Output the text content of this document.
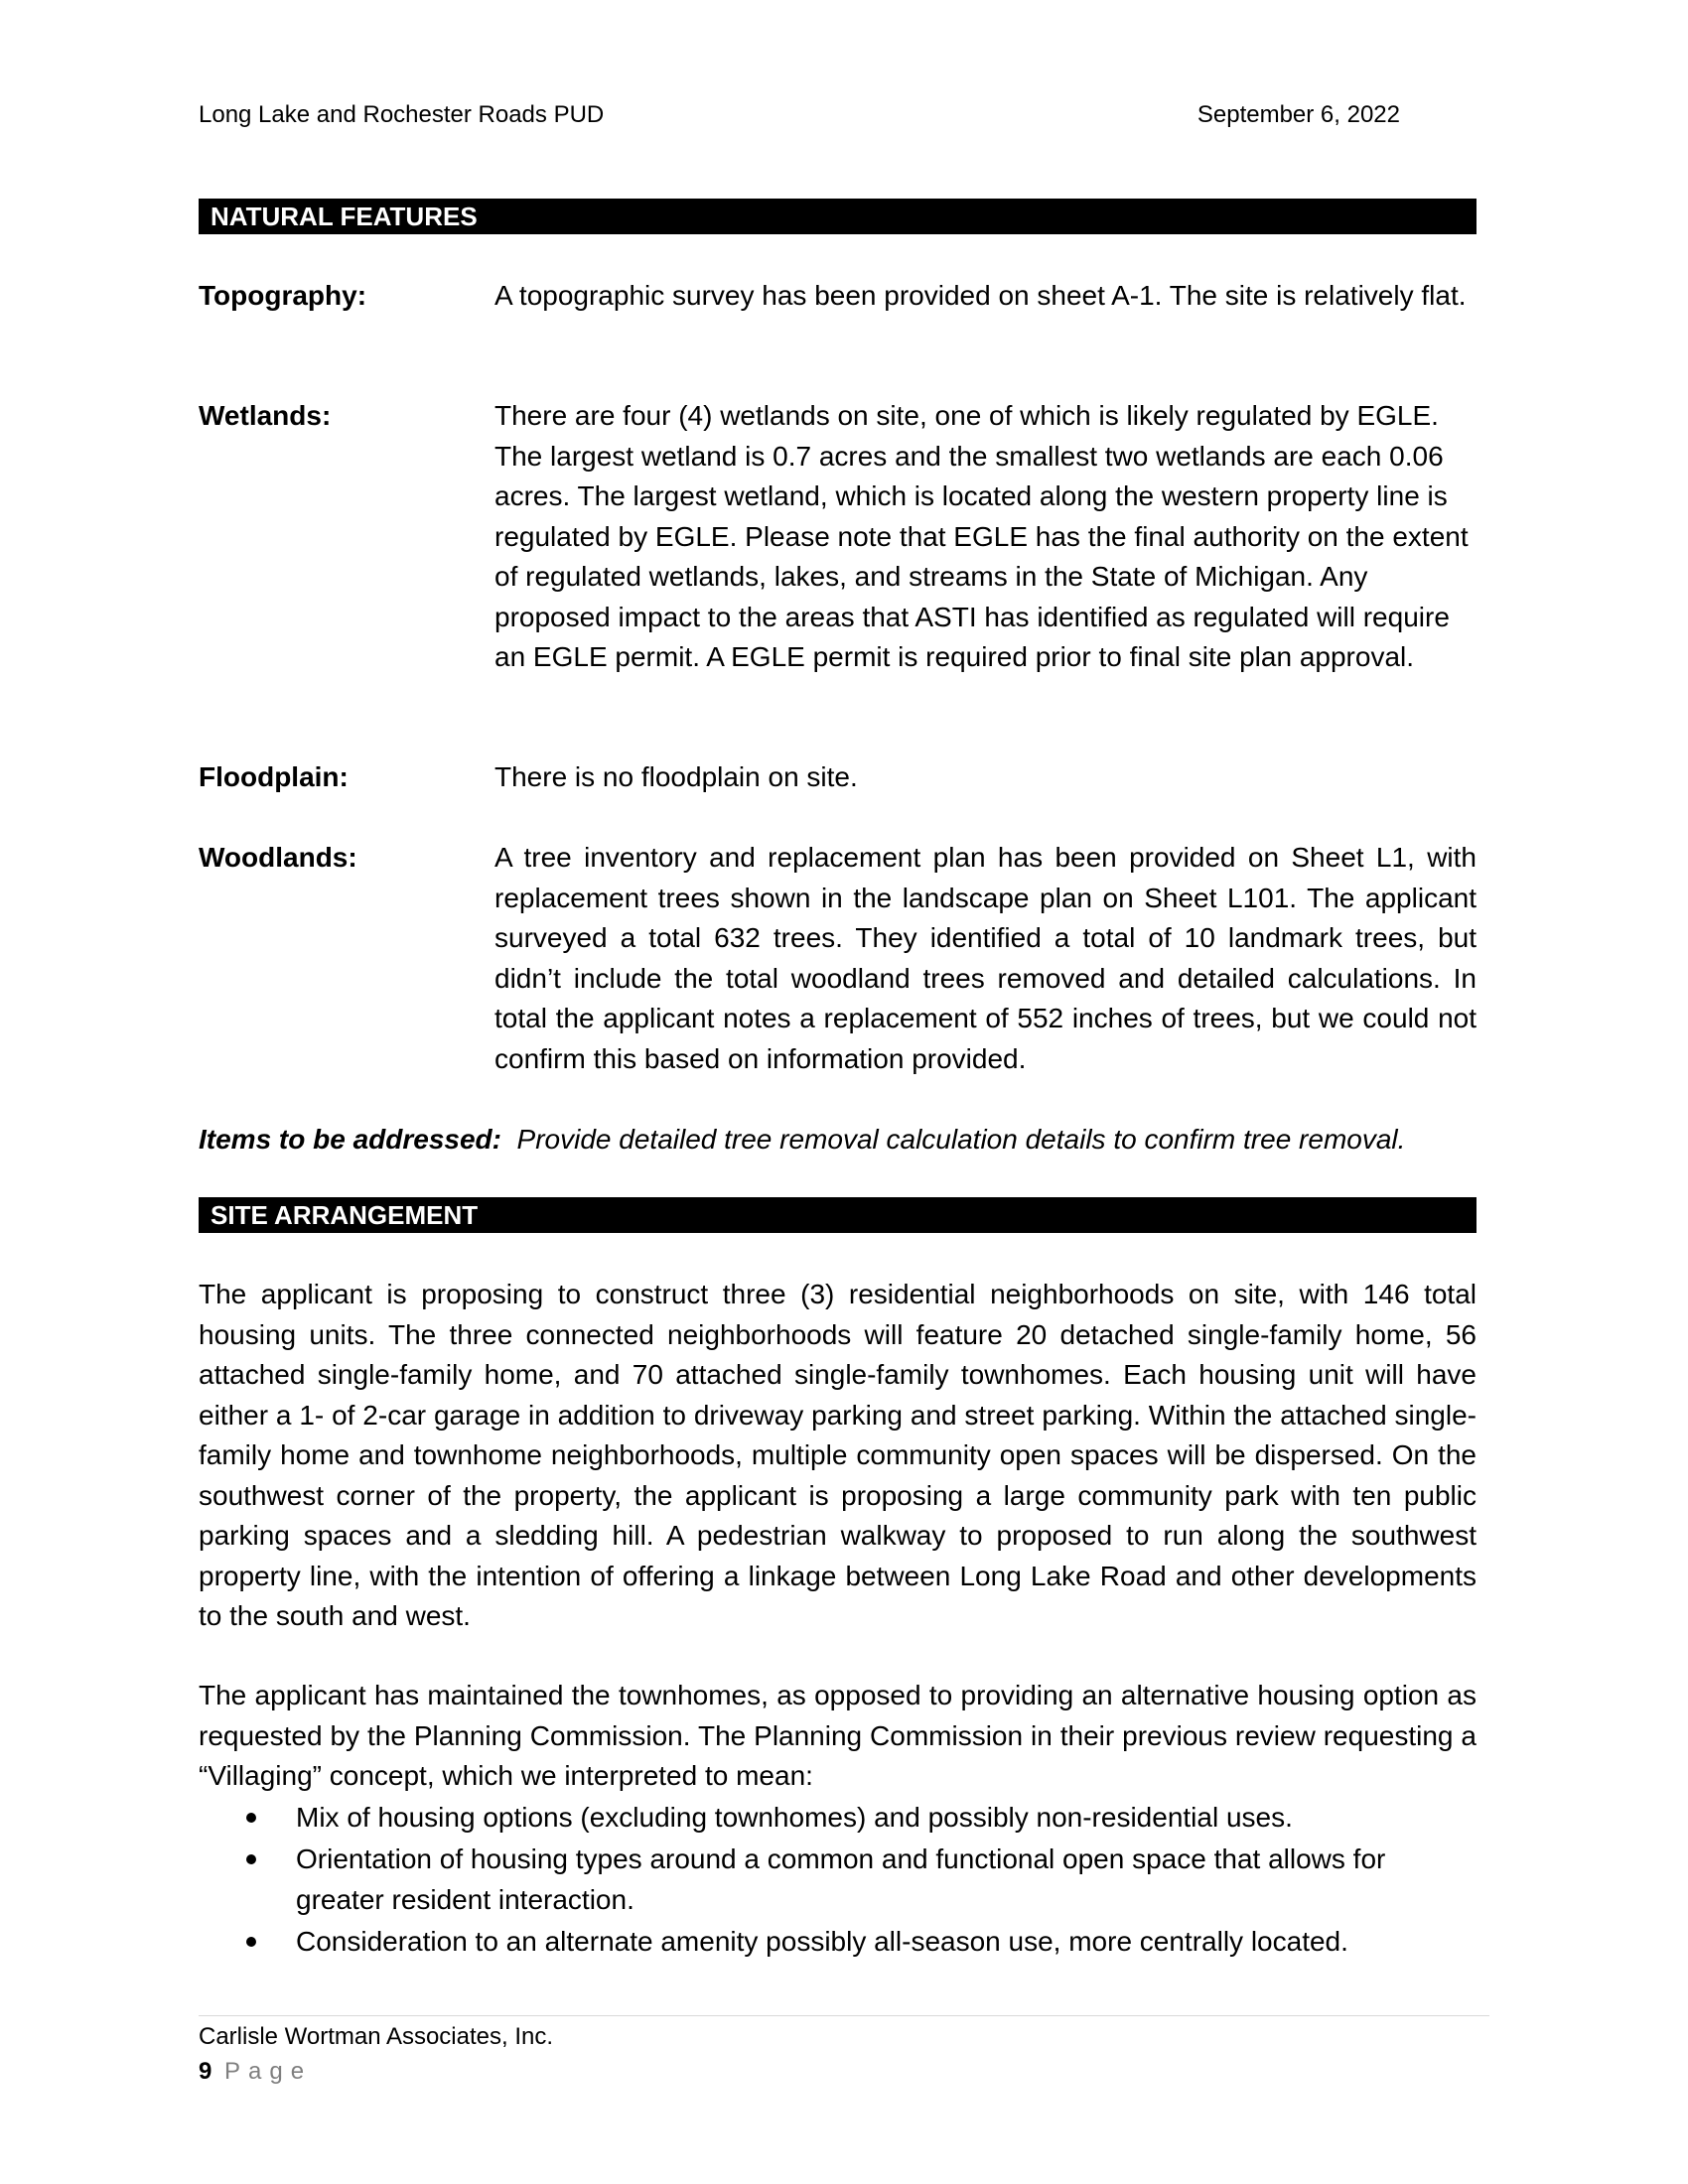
Long Lake and Rochester Roads PUD	September 6, 2022
NATURAL FEATURES
Topography:	A topographic survey has been provided on sheet A-1. The site is relatively flat.
Wetlands:	There are four (4) wetlands on site, one of which is likely regulated by EGLE. The largest wetland is 0.7 acres and the smallest two wetlands are each 0.06 acres. The largest wetland, which is located along the western property line is regulated by EGLE. Please note that EGLE has the final authority on the extent of regulated wetlands, lakes, and streams in the State of Michigan. Any proposed impact to the areas that ASTI has identified as regulated will require an EGLE permit. A EGLE permit is required prior to final site plan approval.
Floodplain:	There is no floodplain on site.
Woodlands:	A tree inventory and replacement plan has been provided on Sheet L1, with replacement trees shown in the landscape plan on Sheet L101. The applicant surveyed a total 632 trees. They identified a total of 10 landmark trees, but didn’t include the total woodland trees removed and detailed calculations. In total the applicant notes a replacement of 552 inches of trees, but we could not confirm this based on information provided.
Items to be addressed: Provide detailed tree removal calculation details to confirm tree removal.
SITE ARRANGEMENT
The applicant is proposing to construct three (3) residential neighborhoods on site, with 146 total housing units. The three connected neighborhoods will feature 20 detached single-family home, 56 attached single-family home, and 70 attached single-family townhomes. Each housing unit will have either a 1- of 2-car garage in addition to driveway parking and street parking. Within the attached single-family home and townhome neighborhoods, multiple community open spaces will be dispersed. On the southwest corner of the property, the applicant is proposing a large community park with ten public parking spaces and a sledding hill. A pedestrian walkway to proposed to run along the southwest property line, with the intention of offering a linkage between Long Lake Road and other developments to the south and west.
The applicant has maintained the townhomes, as opposed to providing an alternative housing option as requested by the Planning Commission. The Planning Commission in their previous review requesting a “Villaging” concept, which we interpreted to mean:
Mix of housing options (excluding townhomes) and possibly non-residential uses.
Orientation of housing types around a common and functional open space that allows for greater resident interaction.
Consideration to an alternate amenity possibly all-season use, more centrally located.
Carlisle Wortman Associates, Inc.
9 Page
